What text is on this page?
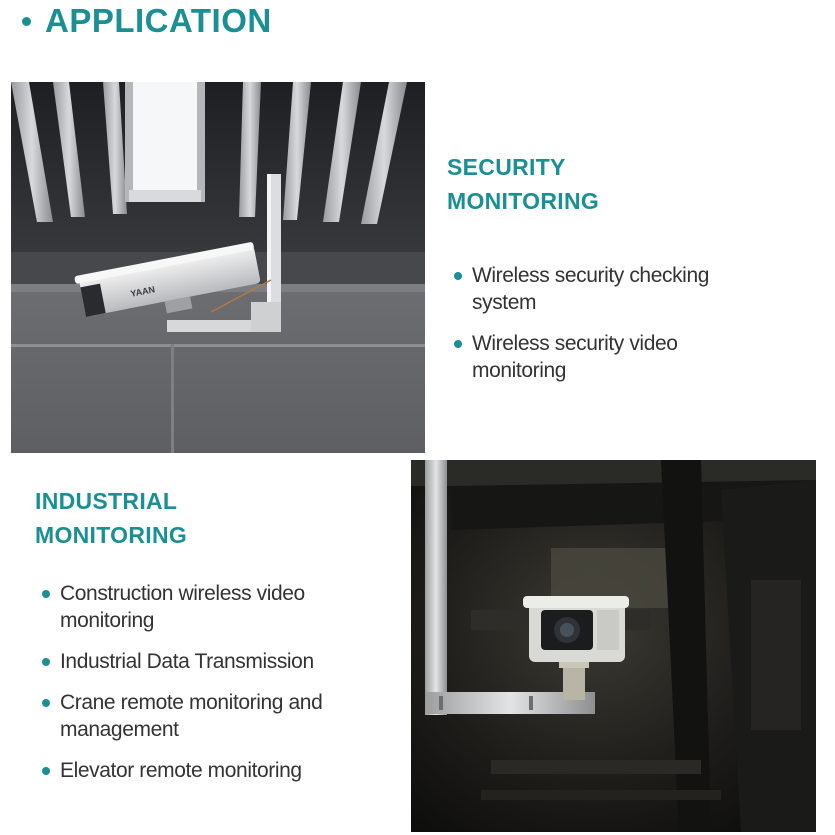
APPLICATION
YAAN
SECURITY
MONITORING
Wireless security checking
system
Wireless security video
monitoring
INDUSTRIAL
MONITORING
Construction wireless video
monitoring
Industrial Data Transmission
Crane remote monitoring and
management
Elevator remote monitoring
